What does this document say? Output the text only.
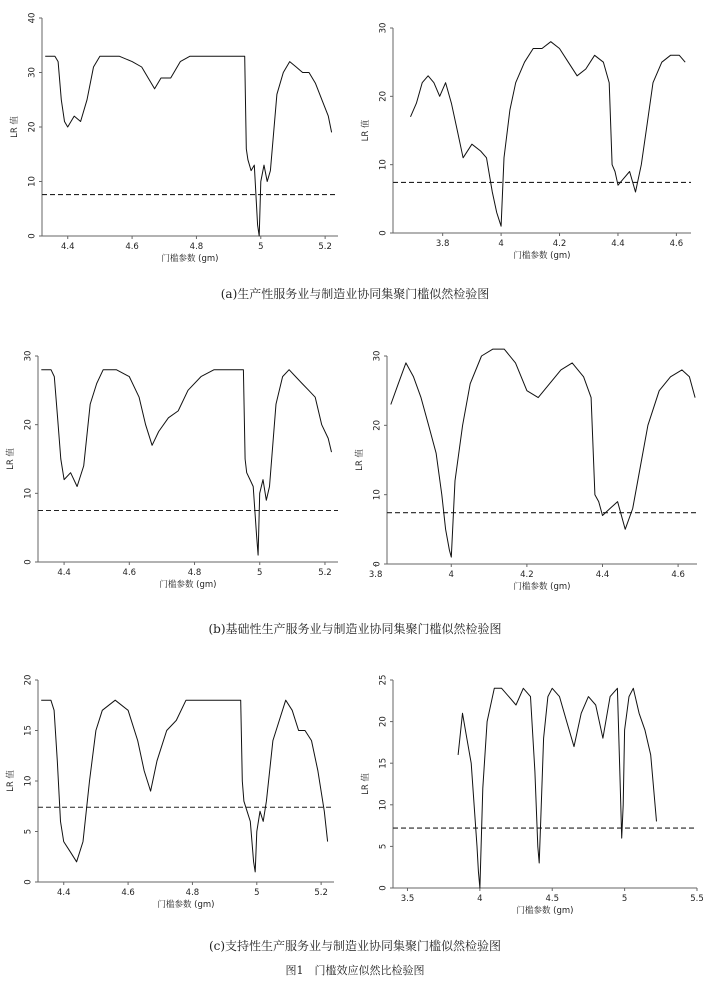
0
10
20
30
40
4.4	4.6	4.8	5	5.2
门槛参数 (gm)
LR 值
0
10
20
30
3.8	4	4.2	4.4	4.6
门槛参数 (gm)
LR 值
(a)生产性服务业与制造业协同集聚门槛似然检验图
0
10
20
30
4.4	4.6	4.8	5	5.2
门槛参数 (gm)
LR 值
0
10
20
30
3.8	4	4.2	4.4	4.6
门槛参数 (gm)
LR 值
(b)基础性生产服务业与制造业协同集聚门槛似然检验图
0
5
10
15
20
4.4	4.6	4.8	5	5.2
门槛参数 (gm)
LR 值
0
5
10
15
20
25
3.5	4	4.5	5	5.5
门槛参数 (gm)
LR 值
(c)支持性生产服务业与制造业协同集聚门槛似然检验图
图1　门槛效应似然比检验图
